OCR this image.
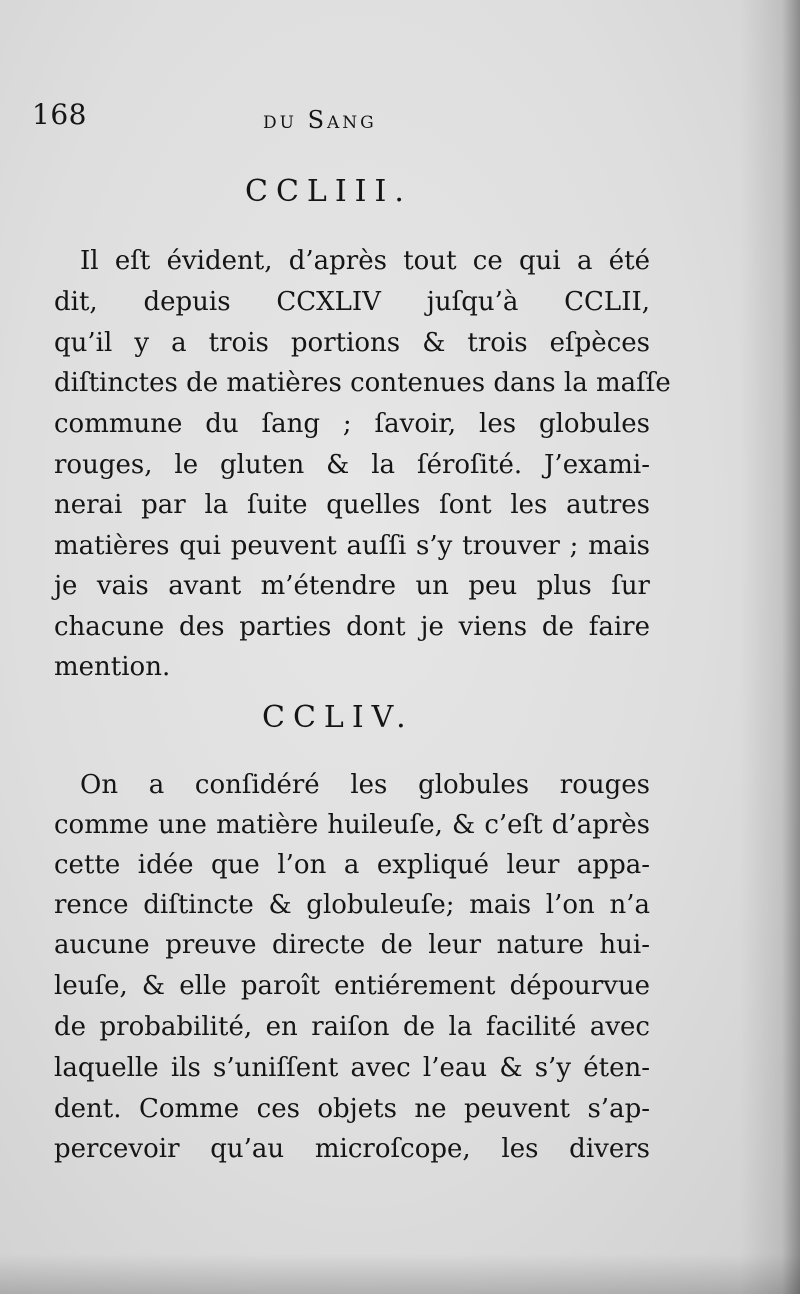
168	du Sang
CCLIII.
Il eſt évident, d’après tout ce qui a été
dit, depuis CCXLIV juſqu’à CCLII,
qu’il y a trois portions & trois eſpèces
diſtinctes de matières contenues dans la maſſe
commune du ſang ; ſavoir, les globules
rouges, le gluten & la ſéroſité. J’exami-
nerai par la ſuite quelles ſont les autres
matières qui peuvent auſſi s’y trouver ; mais
je vais avant m’étendre un peu plus ſur
chacune des parties dont je viens de faire
mention.
CCLIV.
On a conſidéré les globules rouges
comme une matière huileuſe, & c’eſt d’après
cette idée que l’on a expliqué leur appa-
rence diſtincte & globuleuſe; mais l’on n’a
aucune preuve directe de leur nature hui-
leuſe, & elle paroît entiérement dépourvue
de probabilité, en raiſon de la facilité avec
laquelle ils s’uniſſent avec l’eau & s’y éten-
dent. Comme ces objets ne peuvent s’ap-
percevoir qu’au microſcope, les divers
